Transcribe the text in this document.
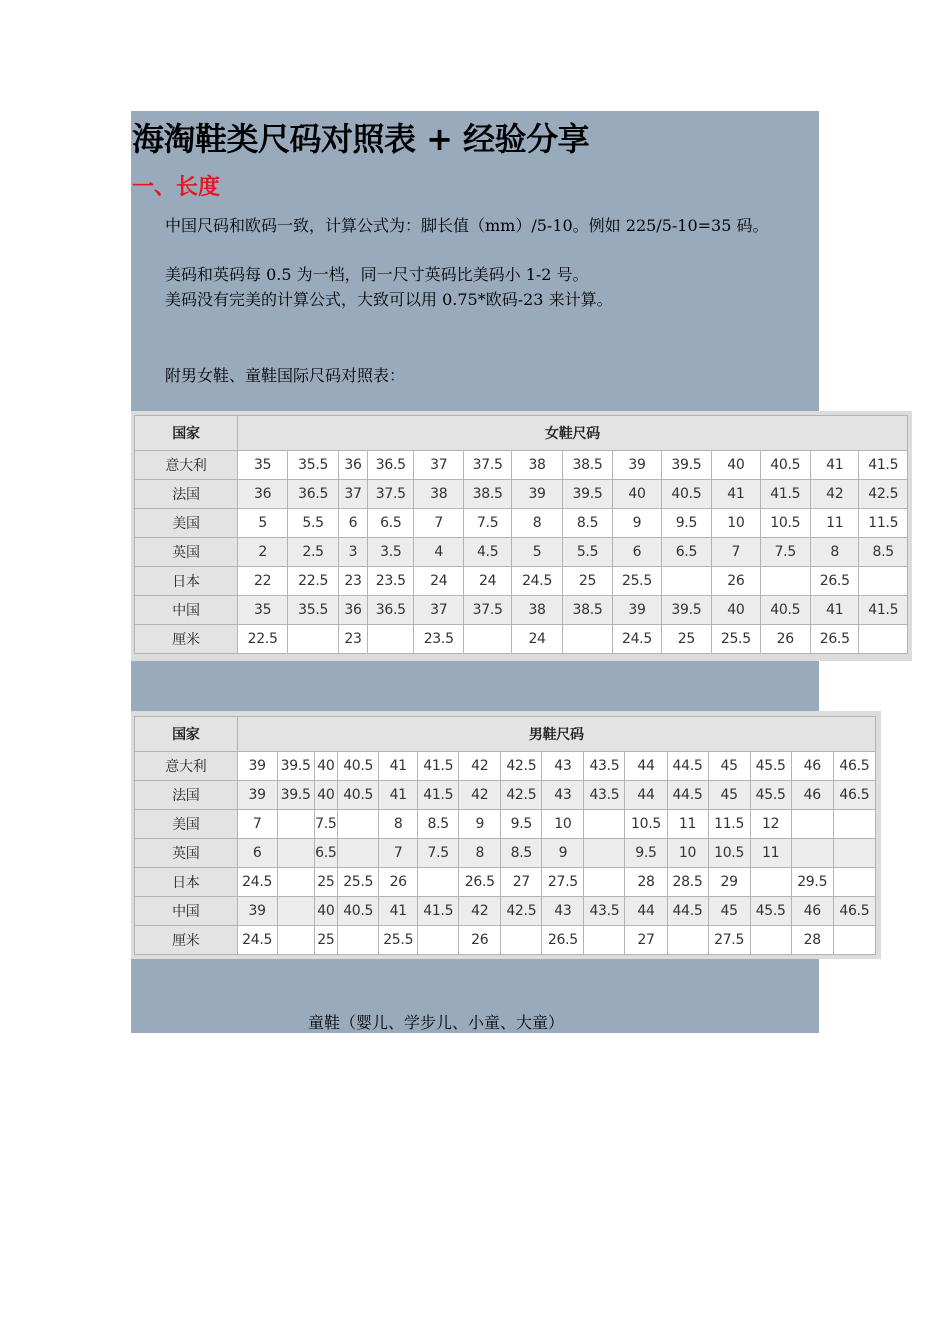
海淘鞋类尺码对照表 + 经验分享
一、长度

中国尺码和欧码一致，计算公式为：脚长值（mm）/5-10。例如 225/5-10=35 码。

美码和英码每 0.5 为一档，同一尺寸英码比美码小 1-2 号。

美码没有完美的计算公式，大致可以用 0.75*欧码-23 来计算。

附男女鞋、童鞋国际尺码对照表：

国家	女鞋尺码													
意大利	35	35.5	36	36.5	37	37.5	38	38.5	39	39.5	40	40.5	41	41.5
法国	36	36.5	37	37.5	38	38.5	39	39.5	40	40.5	41	41.5	42	42.5
美国	5	5.5	6	6.5	7	7.5	8	8.5	9	9.5	10	10.5	11	11.5
英国	2	2.5	3	3.5	4	4.5	5	5.5	6	6.5	7	7.5	8	8.5
日本	22	22.5	23	23.5	24	24	24.5	25	25.5		26		26.5	
中国	35	35.5	36	36.5	37	37.5	38	38.5	39	39.5	40	40.5	41	41.5
厘米	22.5		23		23.5		24		24.5	25	25.5	26	26.5	
国家	男鞋尺码															
意大利	39	39.5	40	40.5	41	41.5	42	42.5	43	43.5	44	44.5	45	45.5	46	46.5
法国	39	39.5	40	40.5	41	41.5	42	42.5	43	43.5	44	44.5	45	45.5	46	46.5
美国	7		7.5		8	8.5	9	9.5	10		10.5	11	11.5	12		
英国	6		6.5		7	7.5	8	8.5	9		9.5	10	10.5	11		
日本	24.5		25	25.5	26		26.5	27	27.5		28	28.5	29		29.5	
中国	39		40	40.5	41	41.5	42	42.5	43	43.5	44	44.5	45	45.5	46	46.5
厘米	24.5		25		25.5		26		26.5		27		27.5		28	

童鞋（婴儿、学步儿、小童、大童）
